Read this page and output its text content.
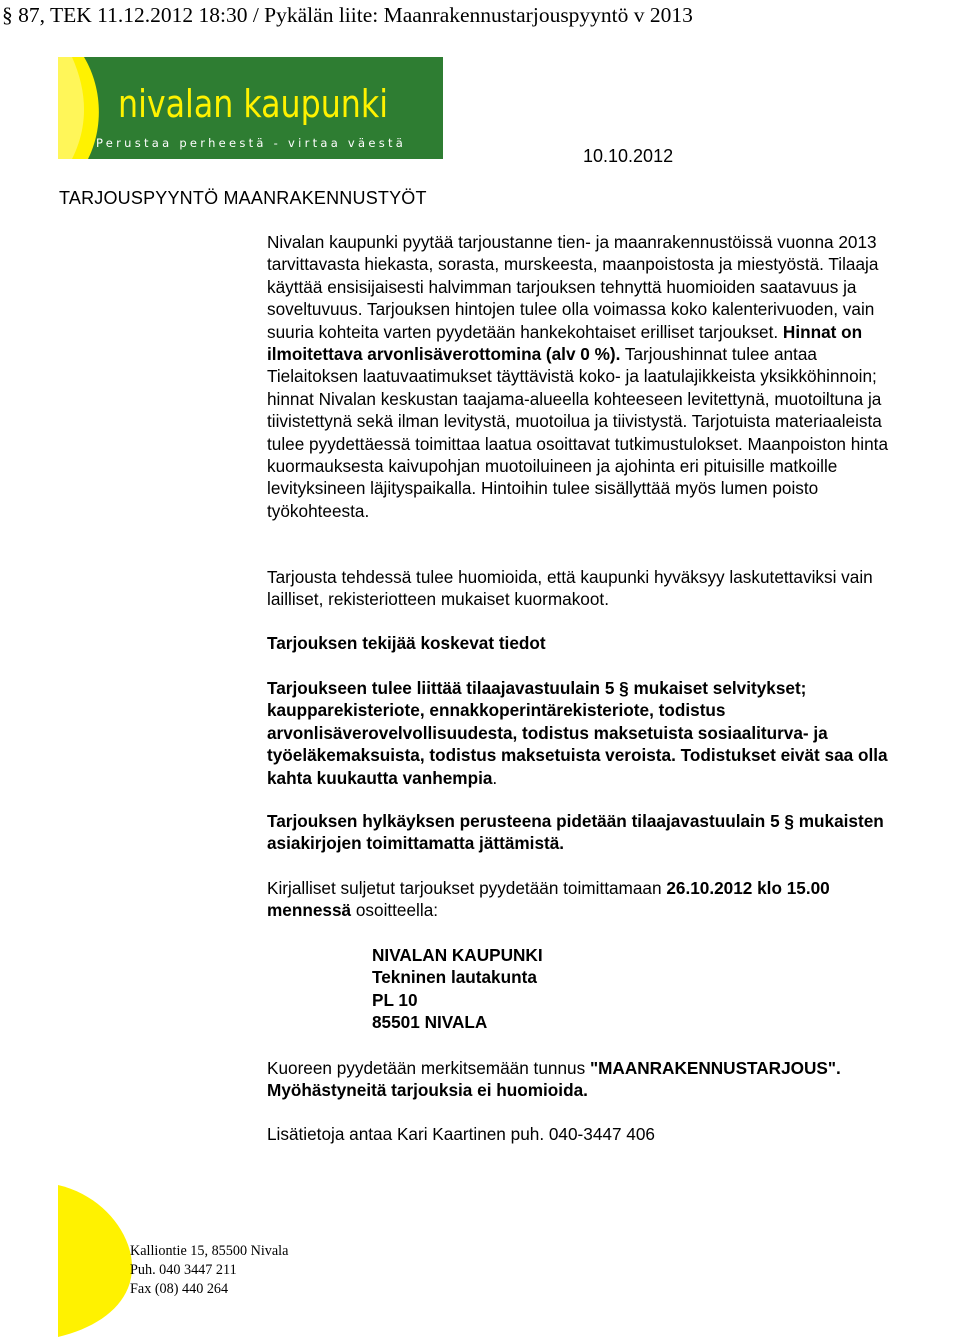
§ 87, TEK 11.12.2012 18:30 / Pykälän liite: Maanrakennustarjouspyyntö v 2013
nivalan kaupunki
Perustaa perheestä - virtaa väestä
10.10.2012
TARJOUSPYYNTÖ MAANRAKENNUSTYÖT

Nivalan kaupunki pyytää tarjoustanne tien- ja maanrakennustöissä vuonna 2013 tarvittavasta hiekasta, sorasta, murskeesta, maanpoistosta ja miestyöstä. Tilaaja käyttää ensisijaisesti halvimman tarjouksen tehnyttä huomioiden saatavuus ja soveltuvuus. Tarjouksen hintojen tulee olla voimassa koko kalenterivuoden, vain suuria kohteita varten pyydetään hankekohtaiset erilliset tarjoukset. Hinnat on ilmoitettava arvonlisäverottomina (alv 0 %). Tarjoushinnat tulee antaa Tielaitoksen laatuvaatimukset täyttävistä koko- ja laatulajikkeista yksikköhinnoin; hinnat Nivalan keskustan taajama-alueella kohteeseen levitettynä, muotoiltuna ja tiivistettynä sekä ilman levitystä, muotoilua ja tiivistystä. Tarjotuista materiaaleista tulee pyydettäessä toimittaa laatua osoittavat tutkimustulokset. Maanpoiston hinta kuormauksesta kaivupohjan muotoiluineen ja ajohinta eri pituisille matkoille levityksineen läjityspaikalla. Hintoihin tulee sisällyttää myös lumen poisto työkohteesta.

Tarjousta tehdessä tulee huomioida, että kaupunki hyväksyy laskutettaviksi vain lailliset, rekisteriotteen mukaiset kuormakoot.

Tarjouksen tekijää koskevat tiedot
Tarjoukseen tulee liittää tilaajavastuulain 5 § mukaiset selvitykset; kaupparekisteriote, ennakkoperintärekisteriote, todistus arvonlisäverovelvollisuudesta, todistus maksetuista sosiaaliturva- ja työeläkemaksuista, todistus maksetuista veroista. Todistukset eivät saa olla kahta kuukautta vanhempia.
Tarjouksen hylkäyksen perusteena pidetään tilaajavastuulain 5 § mukaisten asiakirjojen toimittamatta jättämistä.
Kirjalliset suljetut tarjoukset pyydetään toimittamaan 26.10.2012 klo 15.00 mennessä osoitteella:
NIVALAN KAUPUNKI
Tekninen lautakunta
PL 10
85501 NIVALA
Kuoreen pyydetään merkitsemään tunnus "MAANRAKENNUSTARJOUS". Myöhästyneitä tarjouksia ei huomioida.
Lisätietoja antaa Kari Kaartinen puh. 040-3447 406
Kalliontie 15, 85500 Nivala
Puh. 040 3447 211
Fax (08) 440 264
